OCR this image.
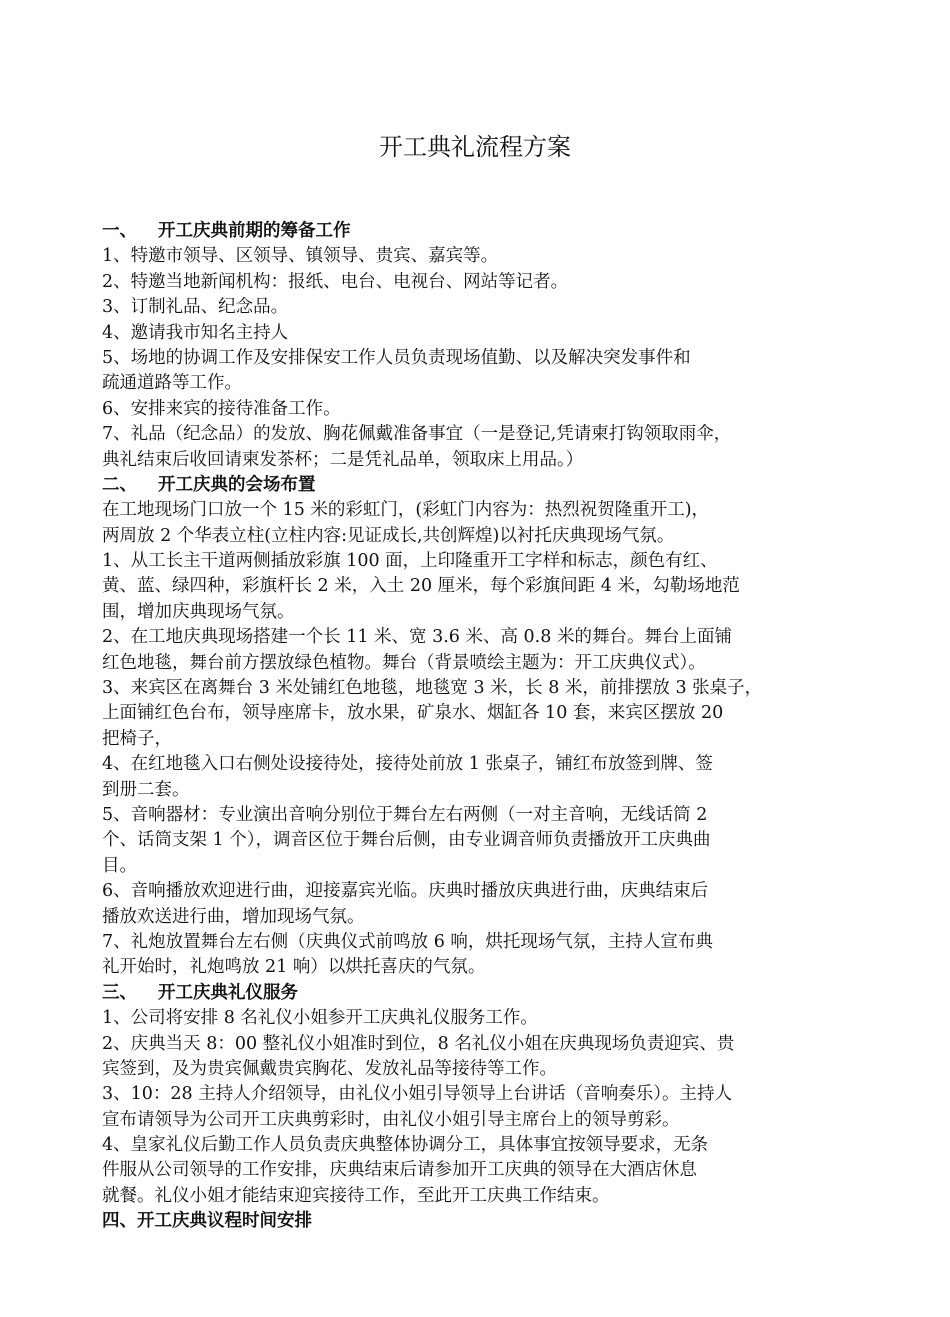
开工典礼流程方案
一、 开工庆典前期的筹备工作
1、特邀市领导、区领导、镇领导、贵宾、嘉宾等。
2、特邀当地新闻机构：报纸、电台、电视台、网站等记者。
3、订制礼品、纪念品。
4、邀请我市知名主持人
5、场地的协调工作及安排保安工作人员负责现场值勤、以及解决突发事件和
疏通道路等工作。
6、安排来宾的接待准备工作。
7、礼品（纪念品）的发放、胸花佩戴准备事宜（一是登记,凭请柬打钩领取雨伞，
典礼结束后收回请柬发茶杯；二是凭礼品单，领取床上用品。）
二、 开工庆典的会场布置
在工地现场门口放一个 15 米的彩虹门，(彩虹门内容为：热烈祝贺隆重开工)，
两周放 2 个华表立柱(立柱内容:见证成长,共创辉煌)以衬托庆典现场气氛。
1、从工长主干道两侧插放彩旗 100 面，上印隆重开工字样和标志，颜色有红、
黄、蓝、绿四种，彩旗杆长 2 米，入土 20 厘米，每个彩旗间距 4 米，勾勒场地范
围，增加庆典现场气氛。
2、在工地庆典现场搭建一个长 11 米、宽 3.6 米、高 0.8 米的舞台。舞台上面铺
红色地毯，舞台前方摆放绿色植物。舞台（背景喷绘主题为：开工庆典仪式）。
3、来宾区在离舞台 3 米处铺红色地毯，地毯宽 3 米，长 8 米，前排摆放 3 张桌子，
上面铺红色台布，领导座席卡，放水果，矿泉水、烟缸各 10 套，来宾区摆放 20
把椅子，
4、在红地毯入口右侧处设接待处，接待处前放 1 张桌子，铺红布放签到牌、签
到册二套。
5、音响器材：专业演出音响分别位于舞台左右两侧（一对主音响，无线话筒 2
个、话筒支架 1 个），调音区位于舞台后侧，由专业调音师负责播放开工庆典曲
目。
6、音响播放欢迎进行曲，迎接嘉宾光临。庆典时播放庆典进行曲，庆典结束后
播放欢送进行曲，增加现场气氛。
7、礼炮放置舞台左右侧（庆典仪式前鸣放 6 响，烘托现场气氛，主持人宣布典
礼开始时，礼炮鸣放 21 响）以烘托喜庆的气氛。
三、 开工庆典礼仪服务
1、公司将安排 8 名礼仪小姐参开工庆典礼仪服务工作。
2、庆典当天 8：00 整礼仪小姐准时到位，8 名礼仪小姐在庆典现场负责迎宾、贵
宾签到，及为贵宾佩戴贵宾胸花、发放礼品等接待等工作。
3、10：28 主持人介绍领导，由礼仪小姐引导领导上台讲话（音响奏乐）。主持人
宣布请领导为公司开工庆典剪彩时，由礼仪小姐引导主席台上的领导剪彩。
4、皇家礼仪后勤工作人员负责庆典整体协调分工，具体事宜按领导要求，无条
件服从公司领导的工作安排，庆典结束后请参加开工庆典的领导在大酒店休息
就餐。礼仪小姐才能结束迎宾接待工作，至此开工庆典工作结束。
四、开工庆典议程时间安排
